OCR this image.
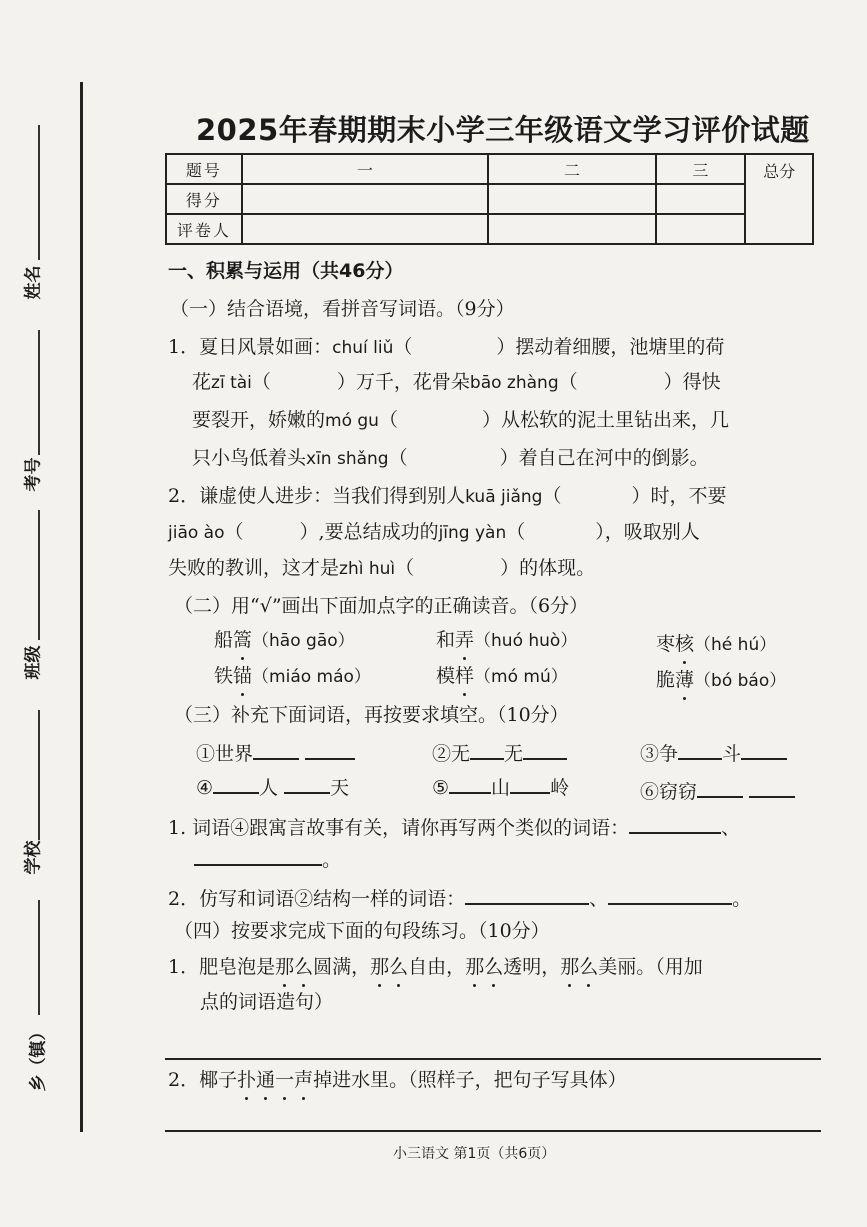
姓名
考号
班级
学校
乡（镇）
2025年春期期末小学三年级语文学习评价试题
题号	一	二	三	总分
得分				
评卷人				
一、积累与运用（共46分）
（一）结合语境，看拼音写词语。（9分）
1．夏日风景如画：chuí liǔ（	）摆动着细腰，池塘里的荷
花zī tài（	）万千，花骨朵bāo zhàng（	）得快
要裂开，娇嫩的mó gu（	）从松软的泥土里钻出来，几
只小鸟低着头xīn shǎng（	）着自己在河中的倒影。
2．谦虚使人进步：当我们得到别人kuā jiǎng（	）时，不要
jiāo ào（	）,要总结成功的jīng yàn（	），吸取别人
失败的教训，这才是zhì huì（	）的体现。
（二）用“√”画出下面加点字的正确读音。（6分）
船篙（hāo gāo）	和弄（huó huò）	枣核（hé hú）
铁锚（miáo máo）	模样（mó mú）	脆薄（bó báo）
（三）补充下面词语，再按要求填空。（10分）
①世界	②无 无	③争 斗
④ 人	天	⑤ 山 岭	⑥窃窃
1. 词语④跟寓言故事有关，请你再写两个类似的词语：	、
。
2．仿写和词语②结构一样的词语：	、	。
（四）按要求完成下面的句段练习。（10分）
1．肥皂泡是那么圆满，那么自由，那么透明，那么美丽。（用加
点的词语造句）
2．椰子扑通一声掉进水里。（照样子，把句子写具体）
小三语文 第1页（共6页）
